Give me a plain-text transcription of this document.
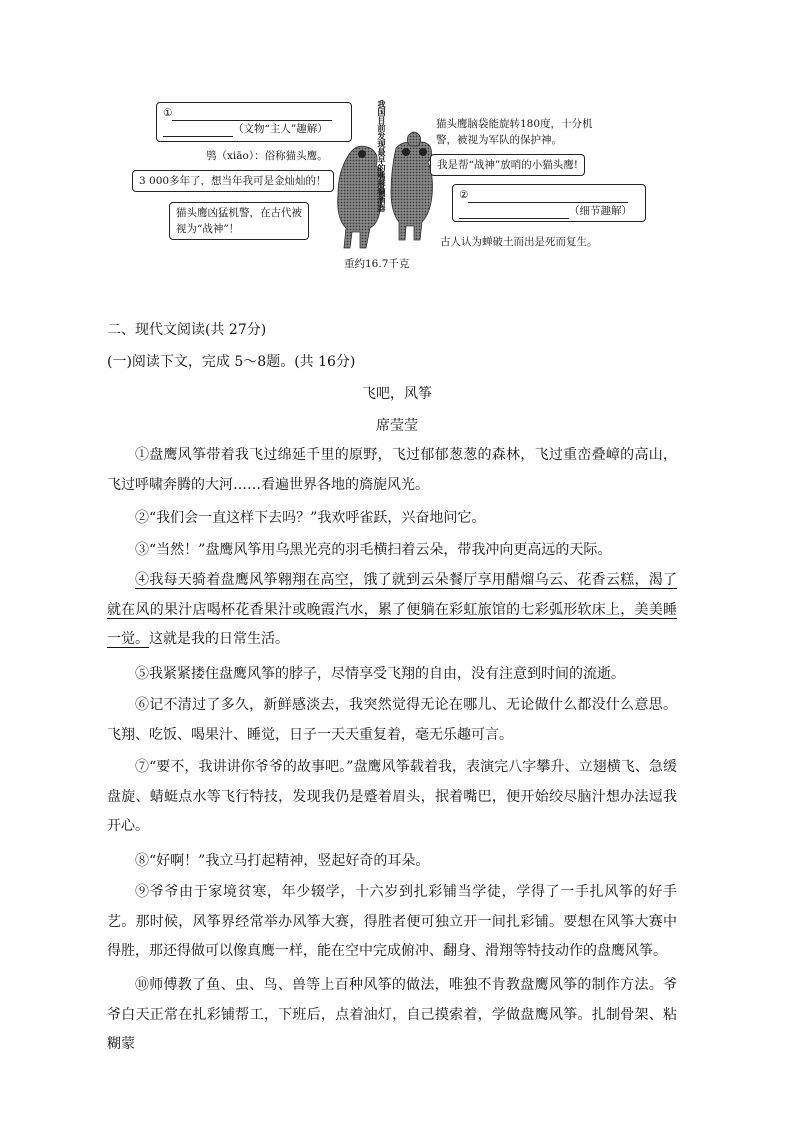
①
（文物“主人”趣解）
鸮（xiāo）：俗称猫头鹰。
3 000多年了，想当年我可是金灿灿的！
猫头鹰凶猛机警，在古代被视为“战神”！
我国目前发现最早的鸮形铜酒器
重约16.7千克
猫头鹰脑袋能旋转180度，十分机警，被视为军队的保护神。
我是帮“战神”放哨的小猫头鹰!
②
（细节趣解）
古人认为蝉破土而出是死而复生。
二、现代文阅读(共 27分)
(一)阅读下文，完成 5～8题。(共 16分)
飞吧，风筝
席莹莹

①盘鹰风筝带着我飞过绵延千里的原野，飞过郁郁葱葱的森林，飞过重峦叠嶂的高山，飞过呼啸奔腾的大河……看遍世界各地的旖旎风光。

②“我们会一直这样下去吗？”我欢呼雀跃，兴奋地问它。

③“当然！”盘鹰风筝用乌黑光亮的羽毛横扫着云朵，带我冲向更高远的天际。

④我每天骑着盘鹰风筝翱翔在高空，饿了就到云朵餐厅享用醋熘乌云、花香云糕，渴了就在风的果汁店喝杯花香果汁或晚霞汽水，累了便躺在彩虹旅馆的七彩弧形软床上，美美睡一觉。这就是我的日常生活。

⑤我紧紧搂住盘鹰风筝的脖子，尽情享受飞翔的自由，没有注意到时间的流逝。

⑥记不清过了多久，新鲜感淡去，我突然觉得无论在哪儿、无论做什么都没什么意思。飞翔、吃饭、喝果汁、睡觉，日子一天天重复着，毫无乐趣可言。

⑦“要不，我讲讲你爷爷的故事吧。”盘鹰风筝载着我，表演完八字攀升、立翅横飞、急缓盘旋、蜻蜓点水等飞行特技，发现我仍是蹙着眉头，抿着嘴巴，便开始绞尽脑汁想办法逗我开心。

⑧“好啊！”我立马打起精神，竖起好奇的耳朵。

⑨爷爷由于家境贫寒，年少辍学，十六岁到扎彩铺当学徒，学得了一手扎风筝的好手艺。那时候，风筝界经常举办风筝大赛，得胜者便可独立开一间扎彩铺。要想在风筝大赛中得胜，那还得做可以像真鹰一样，能在空中完成俯冲、翻身、滑翔等特技动作的盘鹰风筝。

⑩师傅教了鱼、虫、鸟、兽等上百种风筝的做法，唯独不肯教盘鹰风筝的制作方法。爷爷白天正常在扎彩铺帮工，下班后，点着油灯，自己摸索着，学做盘鹰风筝。扎制骨架、粘糊蒙
